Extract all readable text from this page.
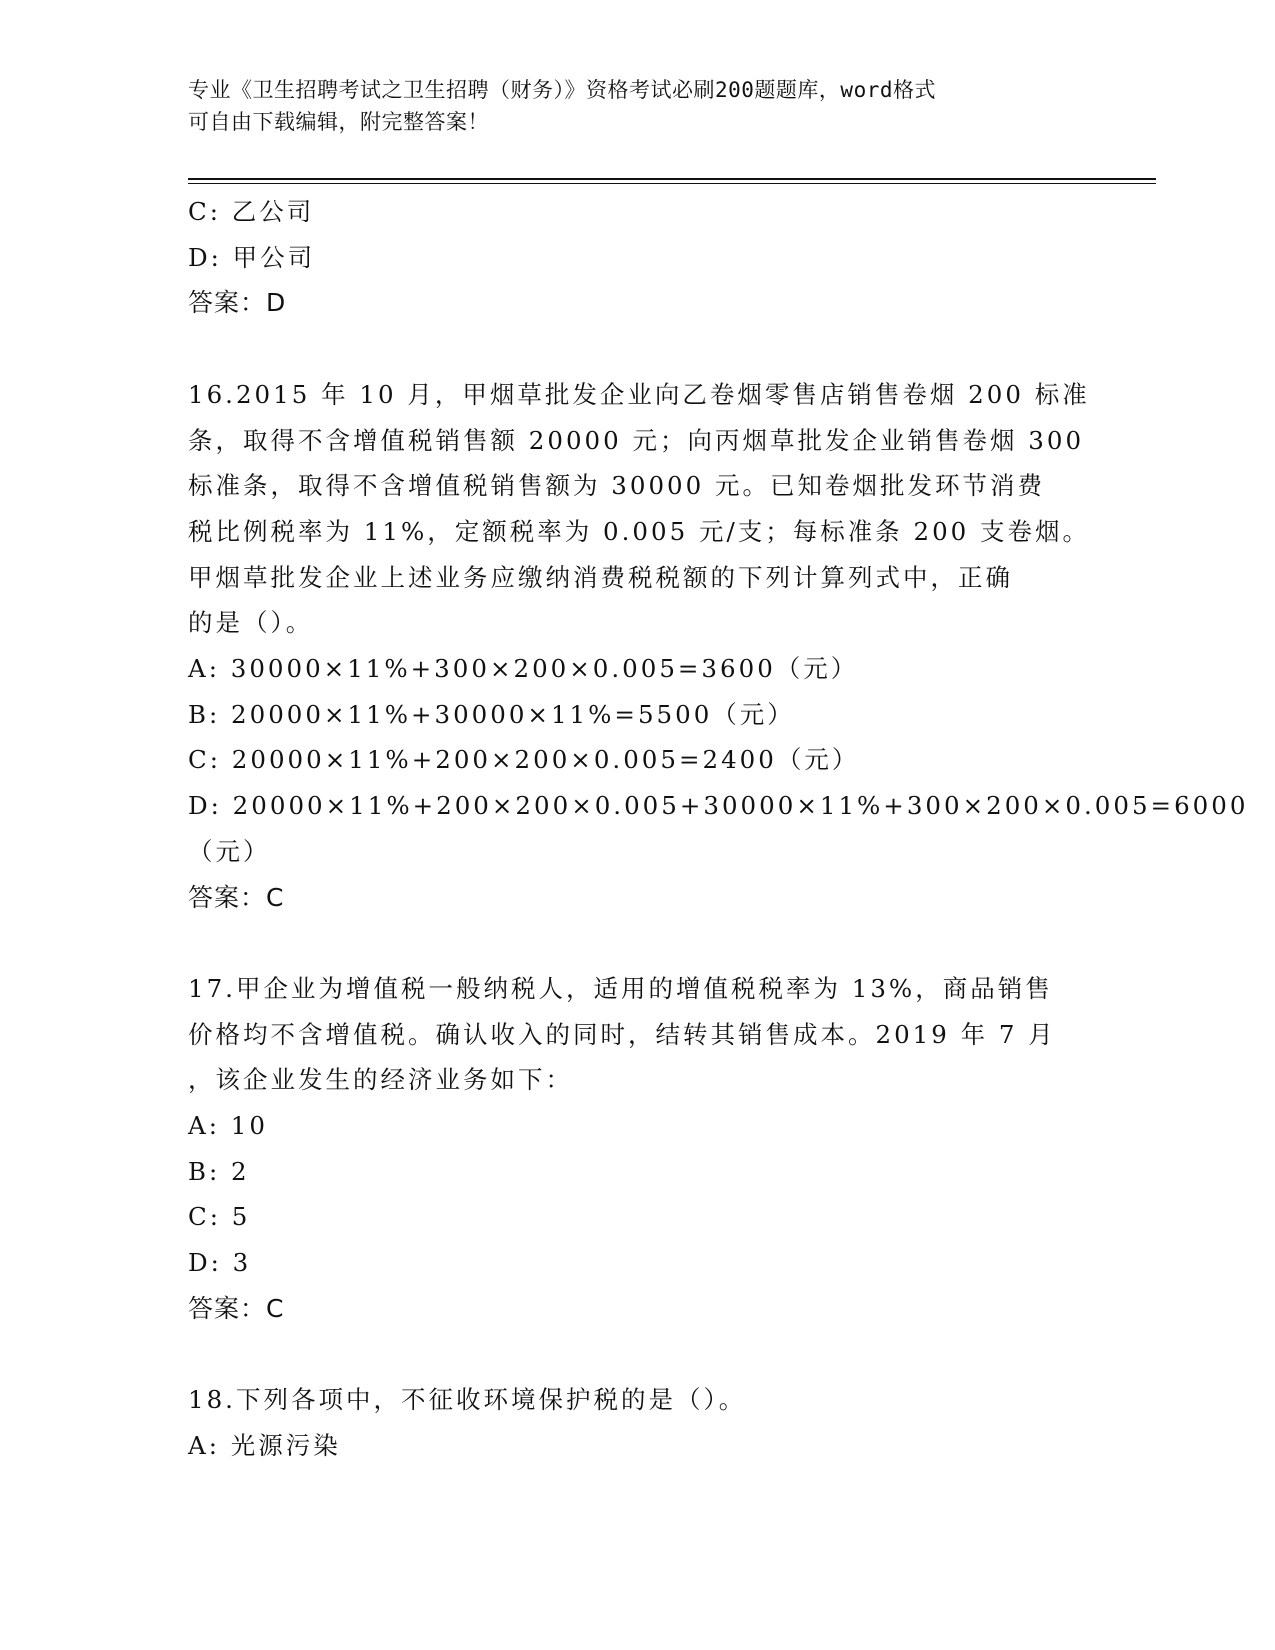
专业《卫生招聘考试之卫生招聘（财务）》资格考试必刷200题题库，word格式
可自由下载编辑，附完整答案！
C: 乙公司
D: 甲公司
答案：D
16.2015 年 10 月，甲烟草批发企业向乙卷烟零售店销售卷烟 200 标准
条，取得不含增值税销售额 20000 元；向丙烟草批发企业销售卷烟 300
标准条，取得不含增值税销售额为 30000 元。已知卷烟批发环节消费
税比例税率为 11%，定额税率为 0.005 元/支；每标准条 200 支卷烟。
甲烟草批发企业上述业务应缴纳消费税税额的下列计算列式中，正确
的是（）。
A: 30000×11%+300×200×0.005=3600（元）
B: 20000×11%+30000×11%=5500（元）
C: 20000×11%+200×200×0.005=2400（元）
D: 20000×11%+200×200×0.005+30000×11%+300×200×0.005=6000
（元）
答案：C
17.甲企业为增值税一般纳税人，适用的增值税税率为 13%，商品销售
价格均不含增值税。确认收入的同时，结转其销售成本。2019 年 7 月
，该企业发生的经济业务如下：
A: 10
B: 2
C: 5
D: 3
答案：C
18.下列各项中，不征收环境保护税的是（）。
A: 光源污染
